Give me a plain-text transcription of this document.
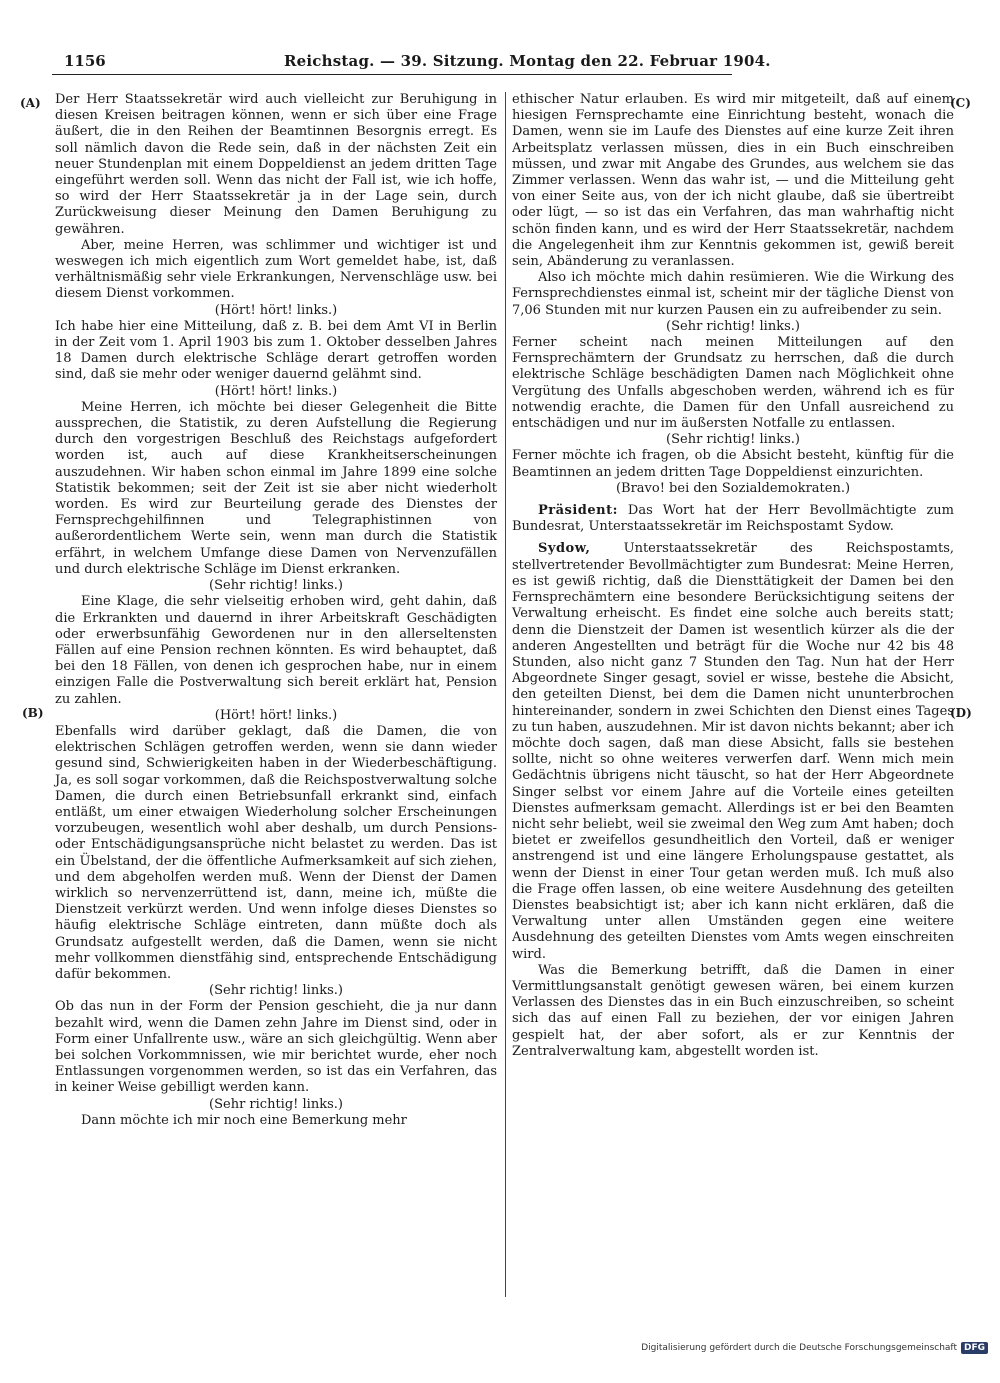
1156	Reichstag. — 39. Sitzung. Montag den 22. Februar 1904.
(A)
(B)
(C)
(D)

Der Herr Staatssekretär wird auch vielleicht zur Beruhigung in diesen Kreisen beitragen können, wenn er sich über eine Frage äußert, die in den Reihen der Beamtinnen Besorgnis erregt. Es soll nämlich davon die Rede sein, daß in der nächsten Zeit ein neuer Stundenplan mit einem Doppeldienst an jedem dritten Tage eingeführt werden soll. Wenn das nicht der Fall ist, wie ich hoffe, so wird der Herr Staatssekretär ja in der Lage sein, durch Zurückweisung dieser Meinung den Damen Beruhigung zu gewähren.

Aber, meine Herren, was schlimmer und wichtiger ist und weswegen ich mich eigentlich zum Wort gemeldet habe, ist, daß verhältnismäßig sehr viele Erkrankungen, Nervenschläge usw. bei diesem Dienst vorkommen.

(Hört! hört! links.)

Ich habe hier eine Mitteilung, daß z. B. bei dem Amt VI in Berlin in der Zeit vom 1. April 1903 bis zum 1. Oktober desselben Jahres 18 Damen durch elektrische Schläge derart getroffen worden sind, daß sie mehr oder weniger dauernd gelähmt sind.

(Hört! hört! links.)

Meine Herren, ich möchte bei dieser Gelegenheit die Bitte aussprechen, die Statistik, zu deren Aufstellung die Regierung durch den vorgestrigen Beschluß des Reichstags aufgefordert worden ist, auch auf diese Krankheitserscheinungen auszudehnen. Wir haben schon einmal im Jahre 1899 eine solche Statistik bekommen; seit der Zeit ist sie aber nicht wiederholt worden. Es wird zur Beurteilung gerade des Dienstes der Fernsprechgehilfinnen und Telegraphistinnen von außerordentlichem Werte sein, wenn man durch die Statistik erfährt, in welchem Umfange diese Damen von Nervenzufällen und durch elektrische Schläge im Dienst erkranken.

(Sehr richtig! links.)

Eine Klage, die sehr vielseitig erhoben wird, geht dahin, daß die Erkrankten und dauernd in ihrer Arbeitskraft Geschädigten oder erwerbsunfähig Gewordenen nur in den allerseltensten Fällen auf eine Pension rechnen könnten. Es wird behauptet, daß bei den 18 Fällen, von denen ich gesprochen habe, nur in einem einzigen Falle die Postverwaltung sich bereit erklärt hat, Pension zu zahlen.

(Hört! hört! links.)

Ebenfalls wird darüber geklagt, daß die Damen, die von elektrischen Schlägen getroffen werden, wenn sie dann wieder gesund sind, Schwierigkeiten haben in der Wiederbeschäftigung. Ja, es soll sogar vorkommen, daß die Reichspostverwaltung solche Damen, die durch einen Betriebsunfall erkrankt sind, einfach entläßt, um einer etwaigen Wiederholung solcher Erscheinungen vorzubeugen, wesentlich wohl aber deshalb, um durch Pensions- oder Entschädigungsansprüche nicht belastet zu werden. Das ist ein Übelstand, der die öffentliche Aufmerksamkeit auf sich ziehen, und dem abgeholfen werden muß. Wenn der Dienst der Damen wirklich so nervenzerrüttend ist, dann, meine ich, müßte die Dienstzeit verkürzt werden. Und wenn infolge dieses Dienstes so häufig elektrische Schläge eintreten, dann müßte doch als Grundsatz aufgestellt werden, daß die Damen, wenn sie nicht mehr vollkommen dienstfähig sind, entsprechende Entschädigung dafür bekommen.

(Sehr richtig! links.)

Ob das nun in der Form der Pension geschieht, die ja nur dann bezahlt wird, wenn die Damen zehn Jahre im Dienst sind, oder in Form einer Unfallrente usw., wäre an sich gleichgültig. Wenn aber bei solchen Vorkommnissen, wie mir berichtet wurde, eher noch Entlassungen vorgenommen werden, so ist das ein Verfahren, das in keiner Weise gebilligt werden kann.

(Sehr richtig! links.)

Dann möchte ich mir noch eine Bemerkung mehr

ethischer Natur erlauben. Es wird mir mitgeteilt, daß auf einem hiesigen Fernsprechamte eine Einrichtung besteht, wonach die Damen, wenn sie im Laufe des Dienstes auf eine kurze Zeit ihren Arbeitsplatz verlassen müssen, dies in ein Buch einschreiben müssen, und zwar mit Angabe des Grundes, aus welchem sie das Zimmer verlassen. Wenn das wahr ist, — und die Mitteilung geht von einer Seite aus, von der ich nicht glaube, daß sie übertreibt oder lügt, — so ist das ein Verfahren, das man wahrhaftig nicht schön finden kann, und es wird der Herr Staatssekretär, nachdem die Angelegenheit ihm zur Kenntnis gekommen ist, gewiß bereit sein, Abänderung zu veranlassen.

Also ich möchte mich dahin resümieren. Wie die Wirkung des Fernsprechdienstes einmal ist, scheint mir der tägliche Dienst von 7,06 Stunden mit nur kurzen Pausen ein zu aufreibender zu sein.

(Sehr richtig! links.)

Ferner scheint nach meinen Mitteilungen auf den Fernsprechämtern der Grundsatz zu herrschen, daß die durch elektrische Schläge beschädigten Damen nach Möglichkeit ohne Vergütung des Unfalls abgeschoben werden, während ich es für notwendig erachte, die Damen für den Unfall ausreichend zu entschädigen und nur im äußersten Notfalle zu entlassen.

(Sehr richtig! links.)

Ferner möchte ich fragen, ob die Absicht besteht, künftig für die Beamtinnen an jedem dritten Tage Doppeldienst einzurichten.

(Bravo! bei den Sozialdemokraten.)

Präsident: Das Wort hat der Herr Bevollmächtigte zum Bundesrat, Unterstaatssekretär im Reichspostamt Sydow.

Sydow,	Unterstaatssekretär des Reichspostamts, stellvertretender Bevollmächtigter zum Bundesrat: Meine Herren, es ist gewiß richtig, daß die Diensttätigkeit der Damen bei den Fernsprechämtern eine besondere Berücksichtigung seitens der Verwaltung erheischt. Es findet eine solche auch bereits statt; denn die Dienstzeit der Damen ist wesentlich kürzer als die der anderen Angestellten und beträgt für die Woche nur 42 bis 48 Stunden, also nicht ganz 7 Stunden den Tag. Nun hat der Herr Abgeordnete Singer gesagt, soviel er wisse, bestehe die Absicht, den geteilten Dienst, bei dem die Damen nicht ununterbrochen hintereinander, sondern in zwei Schichten den Dienst eines Tages zu tun haben, auszudehnen. Mir ist davon nichts bekannt; aber ich möchte doch sagen, daß man diese Absicht, falls sie bestehen sollte, nicht so ohne weiteres verwerfen darf. Wenn mich mein Gedächtnis übrigens nicht täuscht, so hat der Herr Abgeordnete Singer selbst vor einem Jahre auf die Vorteile eines geteilten Dienstes aufmerksam gemacht. Allerdings ist er bei den Beamten nicht sehr beliebt, weil sie zweimal den Weg zum Amt haben; doch bietet er zweifellos gesundheitlich den Vorteil, daß er weniger anstrengend ist und eine längere Erholungspause gestattet, als wenn der Dienst in einer Tour getan werden muß. Ich muß also die Frage offen lassen, ob eine weitere Ausdehnung des geteilten Dienstes beabsichtigt ist; aber ich kann nicht erklären, daß die Verwaltung unter allen Umständen gegen eine weitere Ausdehnung des geteilten Dienstes vom Amts wegen einschreiten wird.

Was die Bemerkung betrifft, daß die Damen in einer Vermittlungsanstalt genötigt gewesen wären, bei einem kurzen Verlassen des Dienstes das in ein Buch einzuschreiben, so scheint sich das auf einen Fall zu beziehen, der vor einigen Jahren gespielt hat, der aber sofort, als er zur Kenntnis der Zentralverwaltung kam, abgestellt worden ist.

Digitalisierung gefördert durch die Deutsche Forschungsgemeinschaft DFG
